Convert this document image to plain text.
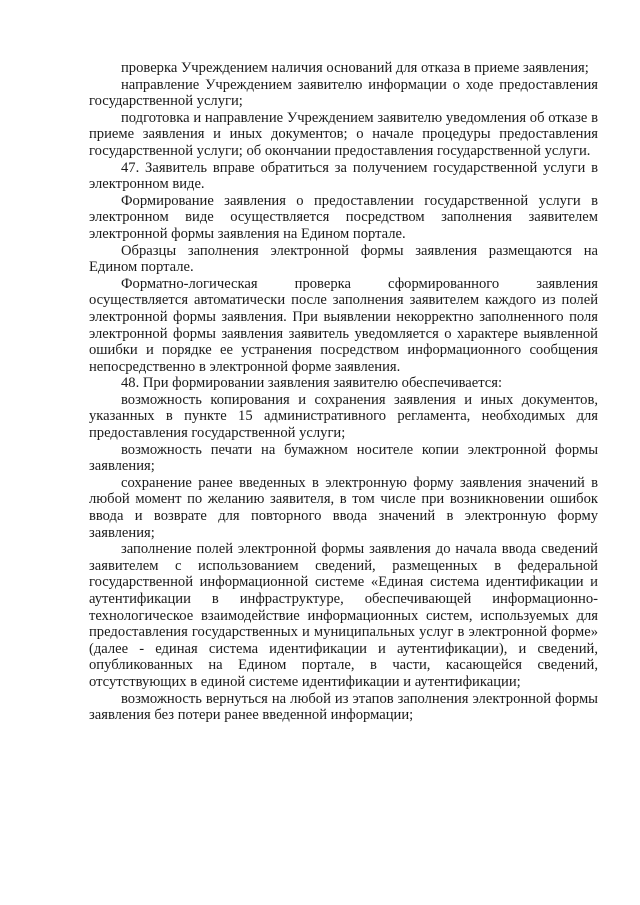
проверка Учреждением наличия оснований для отказа в приеме заявления;

направление Учреждением заявителю информации о ходе предоставления государственной услуги;

подготовка и направление Учреждением заявителю уведомления об отказе в приеме заявления и иных документов; о начале процедуры предоставления государственной услуги; об окончании предоставления государственной услуги.

47. Заявитель вправе обратиться за получением государственной услуги в электронном виде.

Формирование заявления о предоставлении государственной услуги в электронном виде осуществляется посредством заполнения заявителем электронной формы заявления на Едином портале.

Образцы заполнения электронной формы заявления размещаются на Едином портале.

Форматно-логическая проверка сформированного заявления осуществляется автоматически после заполнения заявителем каждого из полей электронной формы заявления. При выявлении некорректно заполненного поля электронной формы заявления заявитель уведомляется о характере выявленной ошибки и порядке ее устранения посредством информационного сообщения непосредственно в электронной форме заявления.

48. При формировании заявления заявителю обеспечивается:

возможность копирования и сохранения заявления и иных документов, указанных в пункте 15 административного регламента, необходимых для предоставления государственной услуги;

возможность печати на бумажном носителе копии электронной формы заявления;

сохранение ранее введенных в электронную форму заявления значений в любой момент по желанию заявителя, в том числе при возникновении ошибок ввода и возврате для повторного ввода значений в электронную форму заявления;

заполнение полей электронной формы заявления до начала ввода сведений заявителем с использованием сведений, размещенных в федеральной государственной информационной системе «Единая система идентификации и аутентификации в инфраструктуре, обеспечивающей информационно-технологическое взаимодействие информационных систем, используемых для предоставления государственных и муниципальных услуг в электронной форме» (далее - единая система идентификации и аутентификации), и сведений, опубликованных на Едином портале, в части, касающейся сведений, отсутствующих в единой системе идентификации и аутентификации;

возможность вернуться на любой из этапов заполнения электронной формы заявления без потери ранее введенной информации;
